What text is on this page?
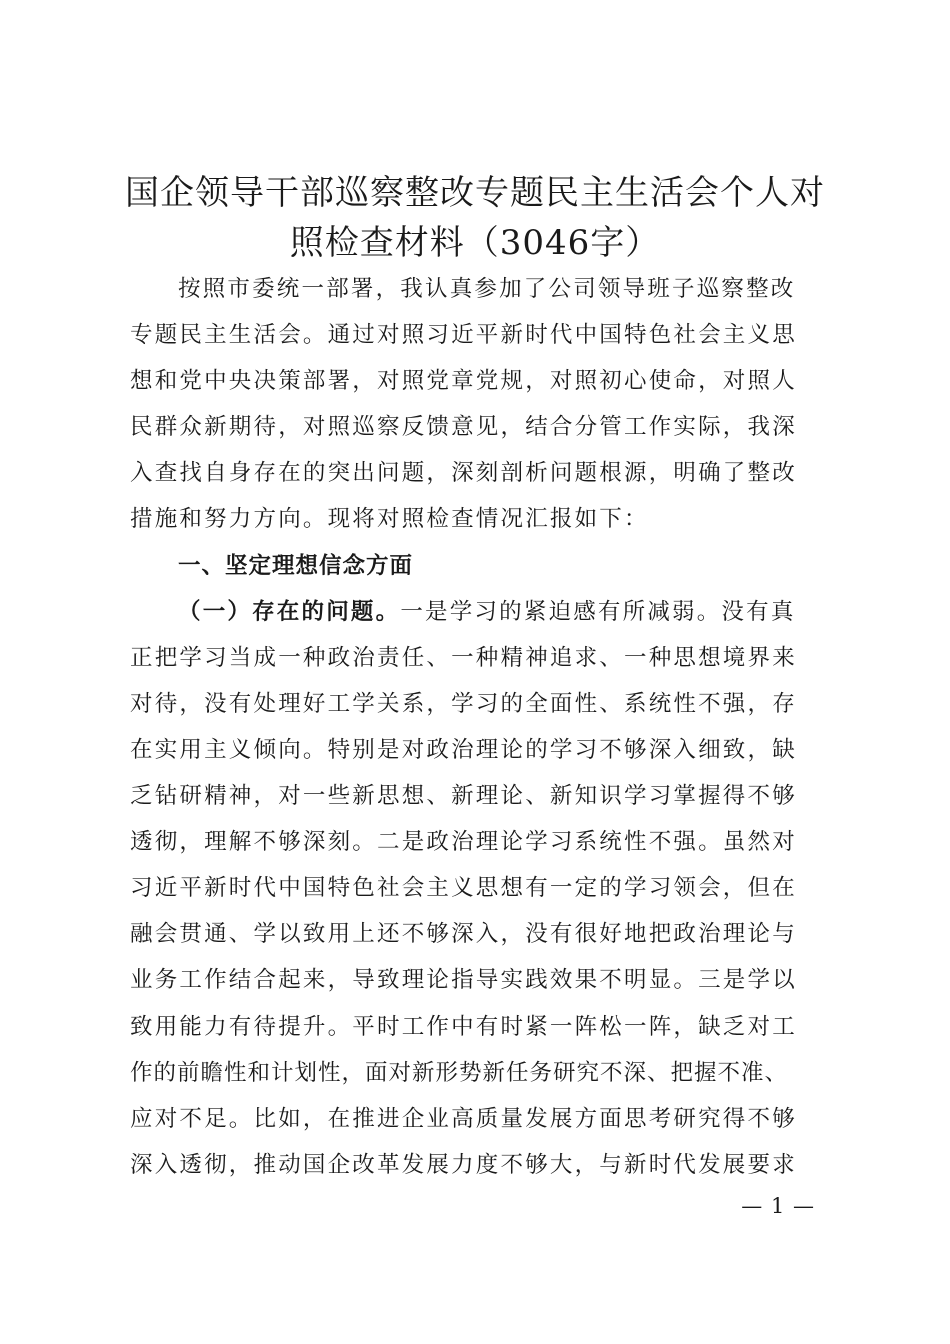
国企领导干部巡察整改专题民主生活会个人对
照检查材料（3046字）
按照市委统一部署，我认真参加了公司领导班子巡察整改
专题民主生活会。通过对照习近平新时代中国特色社会主义思
想和党中央决策部署，对照党章党规，对照初心使命，对照人
民群众新期待，对照巡察反馈意见，结合分管工作实际，我深
入查找自身存在的突出问题，深刻剖析问题根源，明确了整改
措施和努力方向。现将对照检查情况汇报如下：
一、坚定理想信念方面
（一）存在的问题。一是学习的紧迫感有所减弱。没有真
正把学习当成一种政治责任、一种精神追求、一种思想境界来
对待，没有处理好工学关系，学习的全面性、系统性不强，存
在实用主义倾向。特别是对政治理论的学习不够深入细致，缺
乏钻研精神，对一些新思想、新理论、新知识学习掌握得不够
透彻，理解不够深刻。二是政治理论学习系统性不强。虽然对
习近平新时代中国特色社会主义思想有一定的学习领会，但在
融会贯通、学以致用上还不够深入，没有很好地把政治理论与
业务工作结合起来，导致理论指导实践效果不明显。三是学以
致用能力有待提升。平时工作中有时紧一阵松一阵，缺乏对工
作的前瞻性和计划性，面对新形势新任务研究不深、把握不准、
应对不足。比如，在推进企业高质量发展方面思考研究得不够
深入透彻，推动国企改革发展力度不够大，与新时代发展要求
— 1 —
